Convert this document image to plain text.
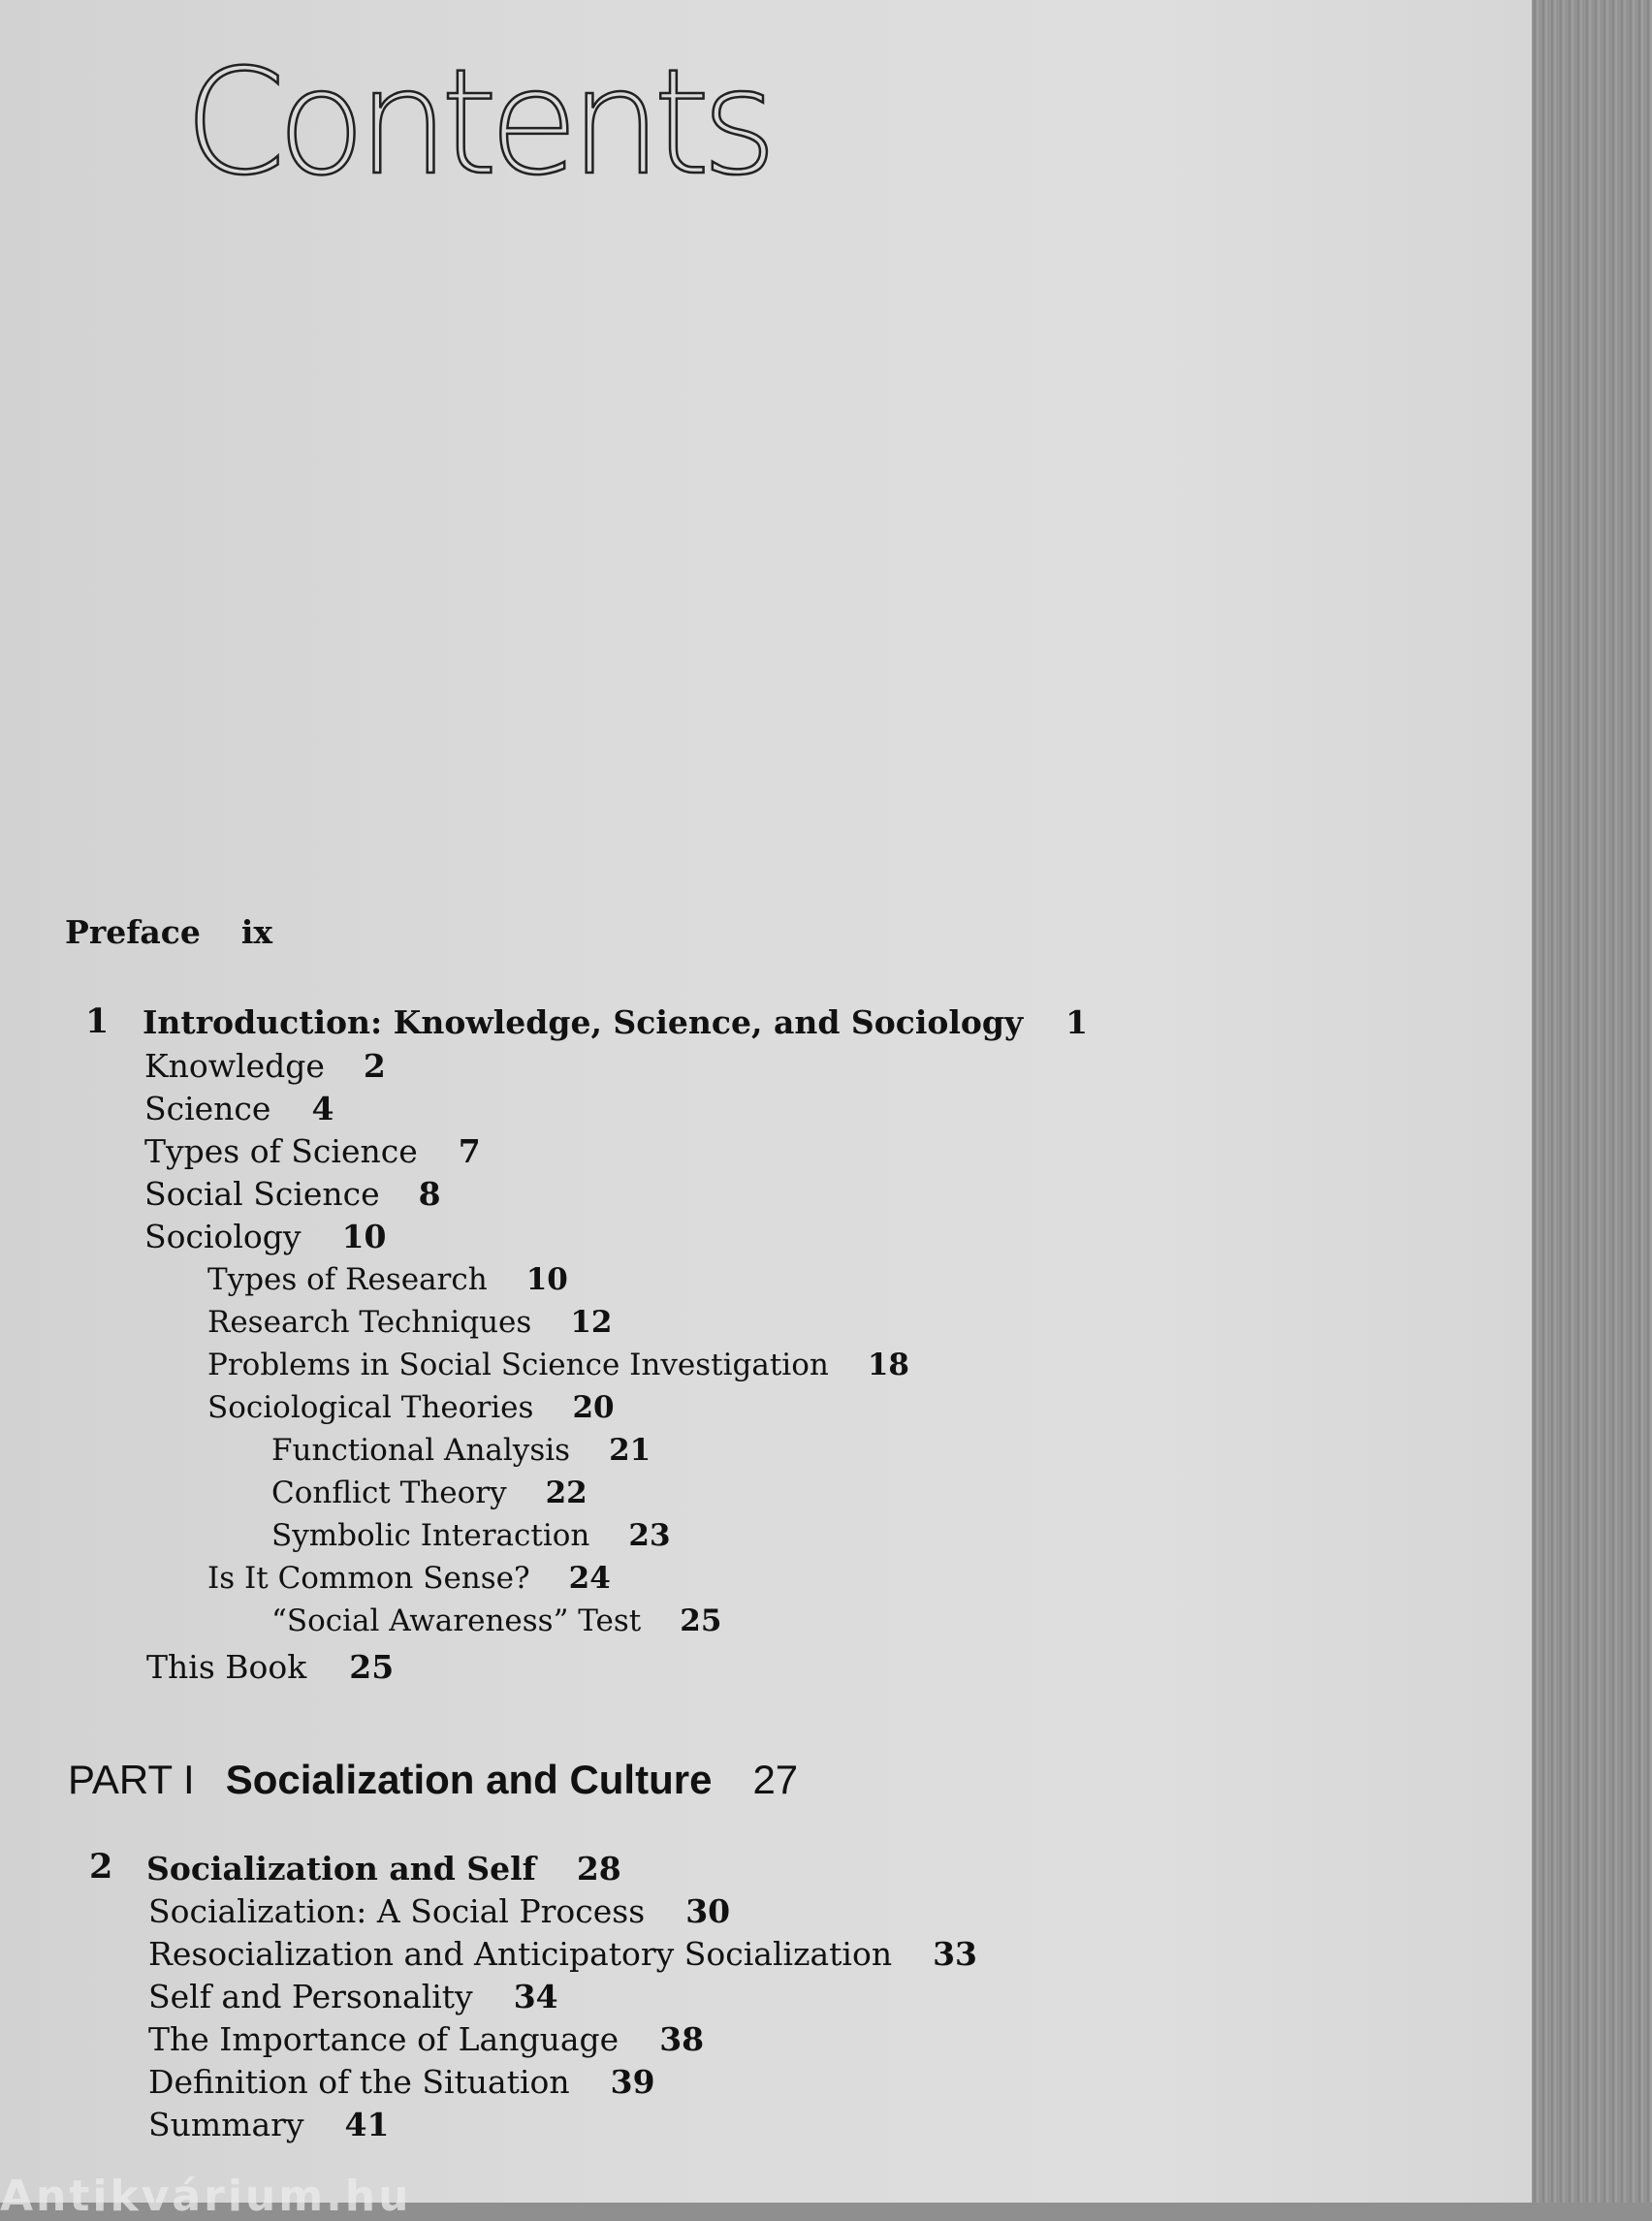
Contents
Preface ix
1 Introduction: Knowledge, Science, and Sociology 1
Knowledge 2
Science 4
Types of Science 7
Social Science 8
Sociology 10
Types of Research 10
Research Techniques 12
Problems in Social Science Investigation 18
Sociological Theories 20
Functional Analysis 21
Conflict Theory 22
Symbolic Interaction 23
Is It Common Sense? 24
“Social Awareness” Test 25
This Book 25
PART I Socialization and Culture 27
2 Socialization and Self 28
Socialization: A Social Process 30
Resocialization and Anticipatory Socialization 33
Self and Personality 34
The Importance of Language 38
Definition of the Situation 39
Summary 41
Antikvárium.hu
